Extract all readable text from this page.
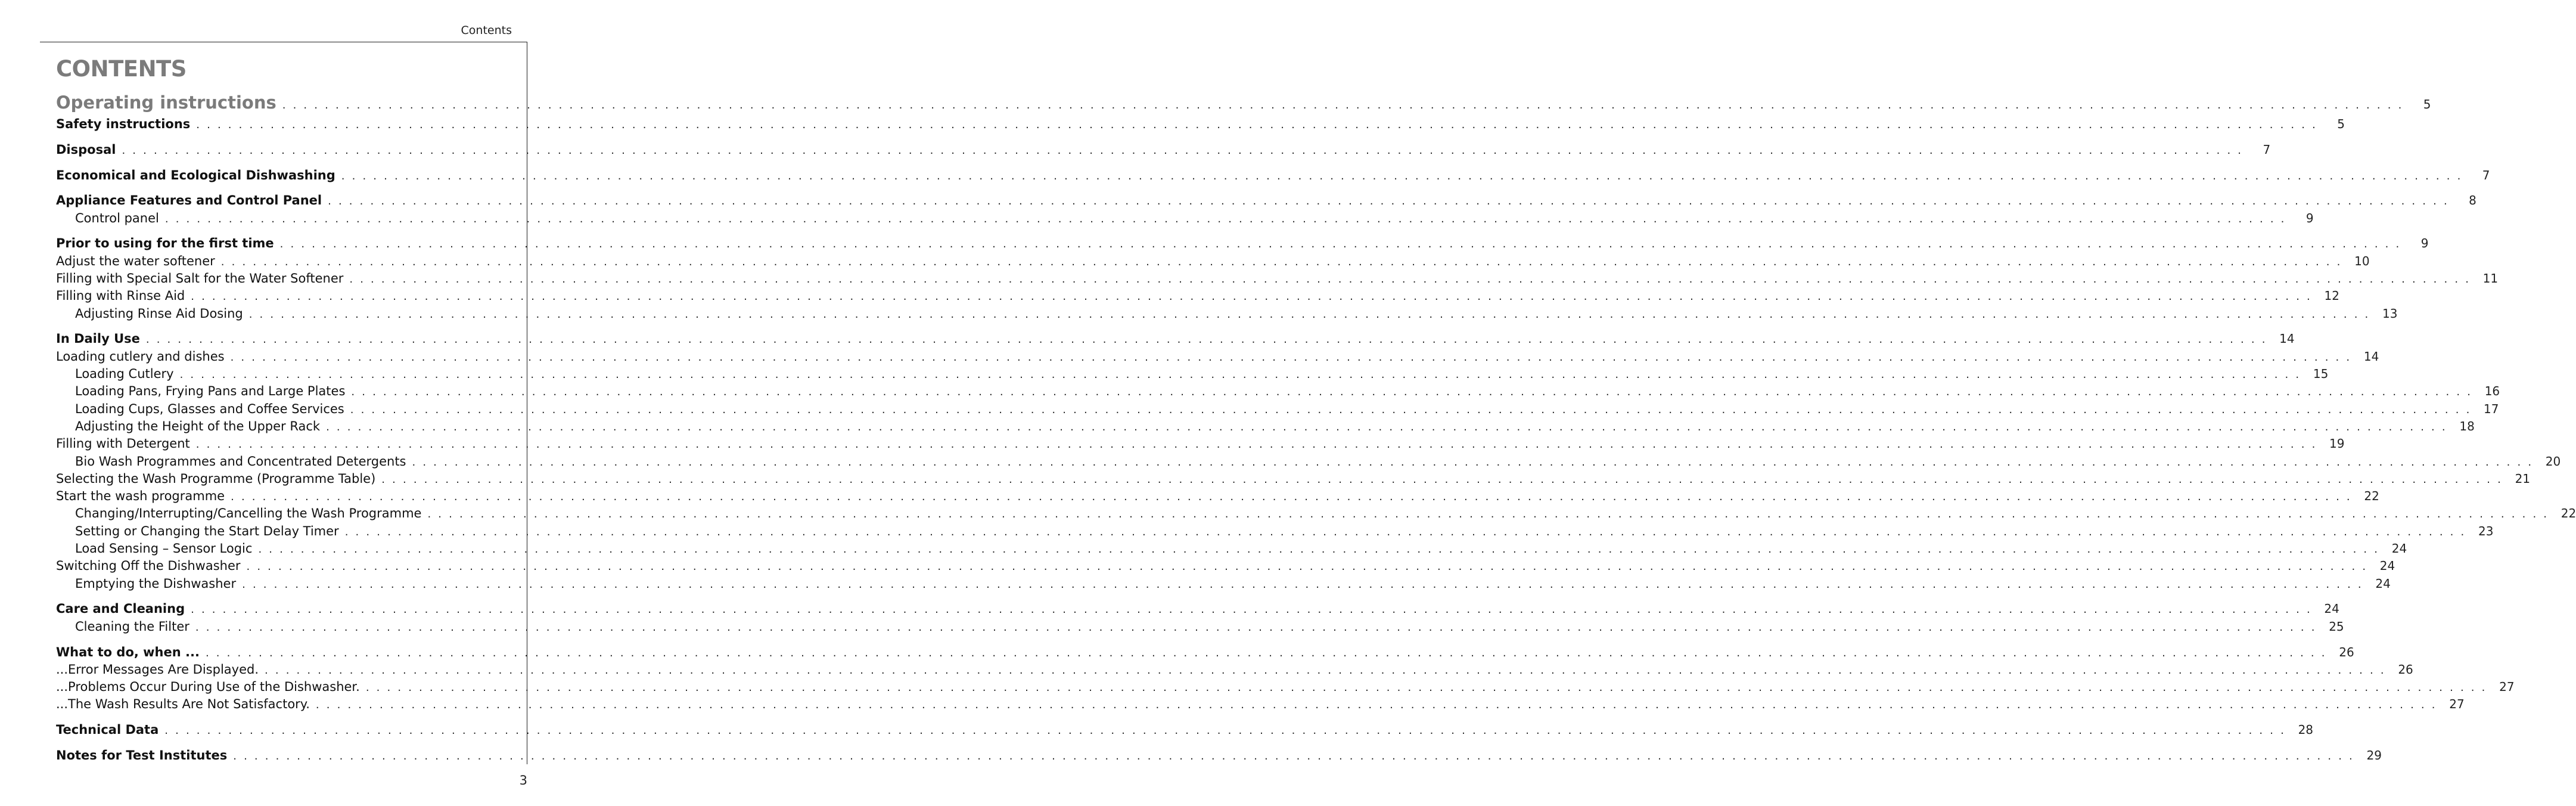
Contents
CONTENTS
Operating instructions . . . . . . . . . . . . . . . . . . . . . . . . . . . . . . . . . . . . . . . . . . . . . . . . . . . . . . . . . . . . . . . . . . . . . . . . . . . . . . . . . . . . . . . . . . . . . . . . . . . . . . . . . . . . . . . . . . . . . . . . . . . . . . . . . . . . . . . . . . . . . . . . . . . . . . . . . . . . . . . . . . . . . . . . . . . . . . . . . . . . . . . . . . . . . . . . . . . . . . . .	5
Safety instructions . . . . . . . . . . . . . . . . . . . . . . . . . . . . . . . . . . . . . . . . . . . . . . . . . . . . . . . . . . . . . . . . . . . . . . . . . . . . . . . . . . . . . . . . . . . . . . . . . . . . . . . . . . . . . . . . . . . . . . . . . . . . . . . . . . . . . . . . . . . . . . . . . . . . . . . . . . . . . . . . . . . . . . . . . . . . . . . . . . . . . . . . . . . . . . . . . . . . . . . .	5
Disposal . . . . . . . . . . . . . . . . . . . . . . . . . . . . . . . . . . . . . . . . . . . . . . . . . . . . . . . . . . . . . . . . . . . . . . . . . . . . . . . . . . . . . . . . . . . . . . . . . . . . . . . . . . . . . . . . . . . . . . . . . . . . . . . . . . . . . . . . . . . . . . . . . . . . . . . . . . . . . . . . . . . . . . . . . . . . . . . . . . . . . . . . . . . . . . . . . . . . . . . .	7
Economical and Ecological Dishwashing . . . . . . . . . . . . . . . . . . . . . . . . . . . . . . . . . . . . . . . . . . . . . . . . . . . . . . . . . . . . . . . . . . . . . . . . . . . . . . . . . . . . . . . . . . . . . . . . . . . . . . . . . . . . . . . . . . . . . . . . . . . . . . . . . . . . . . . . . . . . . . . . . . . . . . . . . . . . . . . . . . . . . . . . . . . . . . . . . . . . . . . . . . . . . . . . . . . . . . . .	7
Appliance Features and Control Panel . . . . . . . . . . . . . . . . . . . . . . . . . . . . . . . . . . . . . . . . . . . . . . . . . . . . . . . . . . . . . . . . . . . . . . . . . . . . . . . . . . . . . . . . . . . . . . . . . . . . . . . . . . . . . . . . . . . . . . . . . . . . . . . . . . . . . . . . . . . . . . . . . . . . . . . . . . . . . . . . . . . . . . . . . . . . . . . . . . . . . . . . . . . . . . . . . . . . . . . .	8
Control panel . . . . . . . . . . . . . . . . . . . . . . . . . . . . . . . . . . . . . . . . . . . . . . . . . . . . . . . . . . . . . . . . . . . . . . . . . . . . . . . . . . . . . . . . . . . . . . . . . . . . . . . . . . . . . . . . . . . . . . . . . . . . . . . . . . . . . . . . . . . . . . . . . . . . . . . . . . . . . . . . . . . . . . . . . . . . . . . . . . . . . . . . . . . . . . . . . . . . . . . .	9
Prior to using for the first time . . . . . . . . . . . . . . . . . . . . . . . . . . . . . . . . . . . . . . . . . . . . . . . . . . . . . . . . . . . . . . . . . . . . . . . . . . . . . . . . . . . . . . . . . . . . . . . . . . . . . . . . . . . . . . . . . . . . . . . . . . . . . . . . . . . . . . . . . . . . . . . . . . . . . . . . . . . . . . . . . . . . . . . . . . . . . . . . . . . . . . . . . . . . . . . . . . . . . . . .	9
Adjust the water softener . . . . . . . . . . . . . . . . . . . . . . . . . . . . . . . . . . . . . . . . . . . . . . . . . . . . . . . . . . . . . . . . . . . . . . . . . . . . . . . . . . . . . . . . . . . . . . . . . . . . . . . . . . . . . . . . . . . . . . . . . . . . . . . . . . . . . . . . . . . . . . . . . . . . . . . . . . . . . . . . . . . . . . . . . . . . . . . . . . . . . . . . . . . . . . . . . . . . . . . .	10
Filling with Special Salt for the Water Softener . . . . . . . . . . . . . . . . . . . . . . . . . . . . . . . . . . . . . . . . . . . . . . . . . . . . . . . . . . . . . . . . . . . . . . . . . . . . . . . . . . . . . . . . . . . . . . . . . . . . . . . . . . . . . . . . . . . . . . . . . . . . . . . . . . . . . . . . . . . . . . . . . . . . . . . . . . . . . . . . . . . . . . . . . . . . . . . . . . . . . . . . . . . . . . . . . . . . . . . .	11
Filling with Rinse Aid . . . . . . . . . . . . . . . . . . . . . . . . . . . . . . . . . . . . . . . . . . . . . . . . . . . . . . . . . . . . . . . . . . . . . . . . . . . . . . . . . . . . . . . . . . . . . . . . . . . . . . . . . . . . . . . . . . . . . . . . . . . . . . . . . . . . . . . . . . . . . . . . . . . . . . . . . . . . . . . . . . . . . . . . . . . . . . . . . . . . . . . . . . . . . . . . . . . . . . . .	12
Adjusting Rinse Aid Dosing . . . . . . . . . . . . . . . . . . . . . . . . . . . . . . . . . . . . . . . . . . . . . . . . . . . . . . . . . . . . . . . . . . . . . . . . . . . . . . . . . . . . . . . . . . . . . . . . . . . . . . . . . . . . . . . . . . . . . . . . . . . . . . . . . . . . . . . . . . . . . . . . . . . . . . . . . . . . . . . . . . . . . . . . . . . . . . . . . . . . . . . . . . . . . . . . . . . . . . . .	13
In Daily Use . . . . . . . . . . . . . . . . . . . . . . . . . . . . . . . . . . . . . . . . . . . . . . . . . . . . . . . . . . . . . . . . . . . . . . . . . . . . . . . . . . . . . . . . . . . . . . . . . . . . . . . . . . . . . . . . . . . . . . . . . . . . . . . . . . . . . . . . . . . . . . . . . . . . . . . . . . . . . . . . . . . . . . . . . . . . . . . . . . . . . . . . . . . . . . . . . . . . . . . .	14
Loading cutlery and dishes . . . . . . . . . . . . . . . . . . . . . . . . . . . . . . . . . . . . . . . . . . . . . . . . . . . . . . . . . . . . . . . . . . . . . . . . . . . . . . . . . . . . . . . . . . . . . . . . . . . . . . . . . . . . . . . . . . . . . . . . . . . . . . . . . . . . . . . . . . . . . . . . . . . . . . . . . . . . . . . . . . . . . . . . . . . . . . . . . . . . . . . . . . . . . . . . . . . . . . . .	14
Loading Cutlery . . . . . . . . . . . . . . . . . . . . . . . . . . . . . . . . . . . . . . . . . . . . . . . . . . . . . . . . . . . . . . . . . . . . . . . . . . . . . . . . . . . . . . . . . . . . . . . . . . . . . . . . . . . . . . . . . . . . . . . . . . . . . . . . . . . . . . . . . . . . . . . . . . . . . . . . . . . . . . . . . . . . . . . . . . . . . . . . . . . . . . . . . . . . . . . . . . . . . . . .	15
Loading Pans, Frying Pans and Large Plates . . . . . . . . . . . . . . . . . . . . . . . . . . . . . . . . . . . . . . . . . . . . . . . . . . . . . . . . . . . . . . . . . . . . . . . . . . . . . . . . . . . . . . . . . . . . . . . . . . . . . . . . . . . . . . . . . . . . . . . . . . . . . . . . . . . . . . . . . . . . . . . . . . . . . . . . . . . . . . . . . . . . . . . . . . . . . . . . . . . . . . . . . . . . . . . . . . . . . . . .	16
Loading Cups, Glasses and Coffee Services . . . . . . . . . . . . . . . . . . . . . . . . . . . . . . . . . . . . . . . . . . . . . . . . . . . . . . . . . . . . . . . . . . . . . . . . . . . . . . . . . . . . . . . . . . . . . . . . . . . . . . . . . . . . . . . . . . . . . . . . . . . . . . . . . . . . . . . . . . . . . . . . . . . . . . . . . . . . . . . . . . . . . . . . . . . . . . . . . . . . . . . . . . . . . . . . . . . . . . . .	17
Adjusting the Height of the Upper Rack . . . . . . . . . . . . . . . . . . . . . . . . . . . . . . . . . . . . . . . . . . . . . . . . . . . . . . . . . . . . . . . . . . . . . . . . . . . . . . . . . . . . . . . . . . . . . . . . . . . . . . . . . . . . . . . . . . . . . . . . . . . . . . . . . . . . . . . . . . . . . . . . . . . . . . . . . . . . . . . . . . . . . . . . . . . . . . . . . . . . . . . . . . . . . . . . . . . . . . . .	18
Filling with Detergent . . . . . . . . . . . . . . . . . . . . . . . . . . . . . . . . . . . . . . . . . . . . . . . . . . . . . . . . . . . . . . . . . . . . . . . . . . . . . . . . . . . . . . . . . . . . . . . . . . . . . . . . . . . . . . . . . . . . . . . . . . . . . . . . . . . . . . . . . . . . . . . . . . . . . . . . . . . . . . . . . . . . . . . . . . . . . . . . . . . . . . . . . . . . . . . . . . . . . . . .	19
Bio Wash Programmes and Concentrated Detergents . . . . . . . . . . . . . . . . . . . . . . . . . . . . . . . . . . . . . . . . . . . . . . . . . . . . . . . . . . . . . . . . . . . . . . . . . . . . . . . . . . . . . . . . . . . . . . . . . . . . . . . . . . . . . . . . . . . . . . . . . . . . . . . . . . . . . . . . . . . . . . . . . . . . . . . . . . . . . . . . . . . . . . . . . . . . . . . . . . . . . . . . . . . . . . . . . . . . . . . .	20
Selecting the Wash Programme (Programme Table) . . . . . . . . . . . . . . . . . . . . . . . . . . . . . . . . . . . . . . . . . . . . . . . . . . . . . . . . . . . . . . . . . . . . . . . . . . . . . . . . . . . . . . . . . . . . . . . . . . . . . . . . . . . . . . . . . . . . . . . . . . . . . . . . . . . . . . . . . . . . . . . . . . . . . . . . . . . . . . . . . . . . . . . . . . . . . . . . . . . . . . . . . . . . . . . . . . . . . . . .	21
Start the wash programme . . . . . . . . . . . . . . . . . . . . . . . . . . . . . . . . . . . . . . . . . . . . . . . . . . . . . . . . . . . . . . . . . . . . . . . . . . . . . . . . . . . . . . . . . . . . . . . . . . . . . . . . . . . . . . . . . . . . . . . . . . . . . . . . . . . . . . . . . . . . . . . . . . . . . . . . . . . . . . . . . . . . . . . . . . . . . . . . . . . . . . . . . . . . . . . . . . . . . . . .	22
Changing/Interrupting/Cancelling the Wash Programme . . . . . . . . . . . . . . . . . . . . . . . . . . . . . . . . . . . . . . . . . . . . . . . . . . . . . . . . . . . . . . . . . . . . . . . . . . . . . . . . . . . . . . . . . . . . . . . . . . . . . . . . . . . . . . . . . . . . . . . . . . . . . . . . . . . . . . . . . . . . . . . . . . . . . . . . . . . . . . . . . . . . . . . . . . . . . . . . . . . . . . . . . . . . . . . . . . . . . . . .	22
Setting or Changing the Start Delay Timer . . . . . . . . . . . . . . . . . . . . . . . . . . . . . . . . . . . . . . . . . . . . . . . . . . . . . . . . . . . . . . . . . . . . . . . . . . . . . . . . . . . . . . . . . . . . . . . . . . . . . . . . . . . . . . . . . . . . . . . . . . . . . . . . . . . . . . . . . . . . . . . . . . . . . . . . . . . . . . . . . . . . . . . . . . . . . . . . . . . . . . . . . . . . . . . . . . . . . . . .	23
Load Sensing – Sensor Logic . . . . . . . . . . . . . . . . . . . . . . . . . . . . . . . . . . . . . . . . . . . . . . . . . . . . . . . . . . . . . . . . . . . . . . . . . . . . . . . . . . . . . . . . . . . . . . . . . . . . . . . . . . . . . . . . . . . . . . . . . . . . . . . . . . . . . . . . . . . . . . . . . . . . . . . . . . . . . . . . . . . . . . . . . . . . . . . . . . . . . . . . . . . . . . . . . . . . . . . .	24
Switching Off the Dishwasher . . . . . . . . . . . . . . . . . . . . . . . . . . . . . . . . . . . . . . . . . . . . . . . . . . . . . . . . . . . . . . . . . . . . . . . . . . . . . . . . . . . . . . . . . . . . . . . . . . . . . . . . . . . . . . . . . . . . . . . . . . . . . . . . . . . . . . . . . . . . . . . . . . . . . . . . . . . . . . . . . . . . . . . . . . . . . . . . . . . . . . . . . . . . . . . . . . . . . . . .	24
Emptying the Dishwasher . . . . . . . . . . . . . . . . . . . . . . . . . . . . . . . . . . . . . . . . . . . . . . . . . . . . . . . . . . . . . . . . . . . . . . . . . . . . . . . . . . . . . . . . . . . . . . . . . . . . . . . . . . . . . . . . . . . . . . . . . . . . . . . . . . . . . . . . . . . . . . . . . . . . . . . . . . . . . . . . . . . . . . . . . . . . . . . . . . . . . . . . . . . . . . . . . . . . . . . .	24
Care and Cleaning . . . . . . . . . . . . . . . . . . . . . . . . . . . . . . . . . . . . . . . . . . . . . . . . . . . . . . . . . . . . . . . . . . . . . . . . . . . . . . . . . . . . . . . . . . . . . . . . . . . . . . . . . . . . . . . . . . . . . . . . . . . . . . . . . . . . . . . . . . . . . . . . . . . . . . . . . . . . . . . . . . . . . . . . . . . . . . . . . . . . . . . . . . . . . . . . . . . . . . . .	24
Cleaning the Filter . . . . . . . . . . . . . . . . . . . . . . . . . . . . . . . . . . . . . . . . . . . . . . . . . . . . . . . . . . . . . . . . . . . . . . . . . . . . . . . . . . . . . . . . . . . . . . . . . . . . . . . . . . . . . . . . . . . . . . . . . . . . . . . . . . . . . . . . . . . . . . . . . . . . . . . . . . . . . . . . . . . . . . . . . . . . . . . . . . . . . . . . . . . . . . . . . . . . . . . .	25
What to do, when ... . . . . . . . . . . . . . . . . . . . . . . . . . . . . . . . . . . . . . . . . . . . . . . . . . . . . . . . . . . . . . . . . . . . . . . . . . . . . . . . . . . . . . . . . . . . . . . . . . . . . . . . . . . . . . . . . . . . . . . . . . . . . . . . . . . . . . . . . . . . . . . . . . . . . . . . . . . . . . . . . . . . . . . . . . . . . . . . . . . . . . . . . . . . . . . . . . . . . . . . .	26
...Error Messages Are Displayed. . . . . . . . . . . . . . . . . . . . . . . . . . . . . . . . . . . . . . . . . . . . . . . . . . . . . . . . . . . . . . . . . . . . . . . . . . . . . . . . . . . . . . . . . . . . . . . . . . . . . . . . . . . . . . . . . . . . . . . . . . . . . . . . . . . . . . . . . . . . . . . . . . . . . . . . . . . . . . . . . . . . . . . . . . . . . . . . . . . . . . . . . . . . . . . . . . . . . . . . .	26
...Problems Occur During Use of the Dishwasher. . . . . . . . . . . . . . . . . . . . . . . . . . . . . . . . . . . . . . . . . . . . . . . . . . . . . . . . . . . . . . . . . . . . . . . . . . . . . . . . . . . . . . . . . . . . . . . . . . . . . . . . . . . . . . . . . . . . . . . . . . . . . . . . . . . . . . . . . . . . . . . . . . . . . . . . . . . . . . . . . . . . . . . . . . . . . . . . . . . . . . . . . . . . . . . . . . . . . . . . .	27
...The Wash Results Are Not Satisfactory. . . . . . . . . . . . . . . . . . . . . . . . . . . . . . . . . . . . . . . . . . . . . . . . . . . . . . . . . . . . . . . . . . . . . . . . . . . . . . . . . . . . . . . . . . . . . . . . . . . . . . . . . . . . . . . . . . . . . . . . . . . . . . . . . . . . . . . . . . . . . . . . . . . . . . . . . . . . . . . . . . . . . . . . . . . . . . . . . . . . . . . . . . . . . . . . . . . . . . . . .	27
Technical Data . . . . . . . . . . . . . . . . . . . . . . . . . . . . . . . . . . . . . . . . . . . . . . . . . . . . . . . . . . . . . . . . . . . . . . . . . . . . . . . . . . . . . . . . . . . . . . . . . . . . . . . . . . . . . . . . . . . . . . . . . . . . . . . . . . . . . . . . . . . . . . . . . . . . . . . . . . . . . . . . . . . . . . . . . . . . . . . . . . . . . . . . . . . . . . . . . . . . . . . .	28
Notes for Test Institutes . . . . . . . . . . . . . . . . . . . . . . . . . . . . . . . . . . . . . . . . . . . . . . . . . . . . . . . . . . . . . . . . . . . . . . . . . . . . . . . . . . . . . . . . . . . . . . . . . . . . . . . . . . . . . . . . . . . . . . . . . . . . . . . . . . . . . . . . . . . . . . . . . . . . . . . . . . . . . . . . . . . . . . . . . . . . . . . . . . . . . . . . . . . . . . . . . . . . . . . .	29
3
